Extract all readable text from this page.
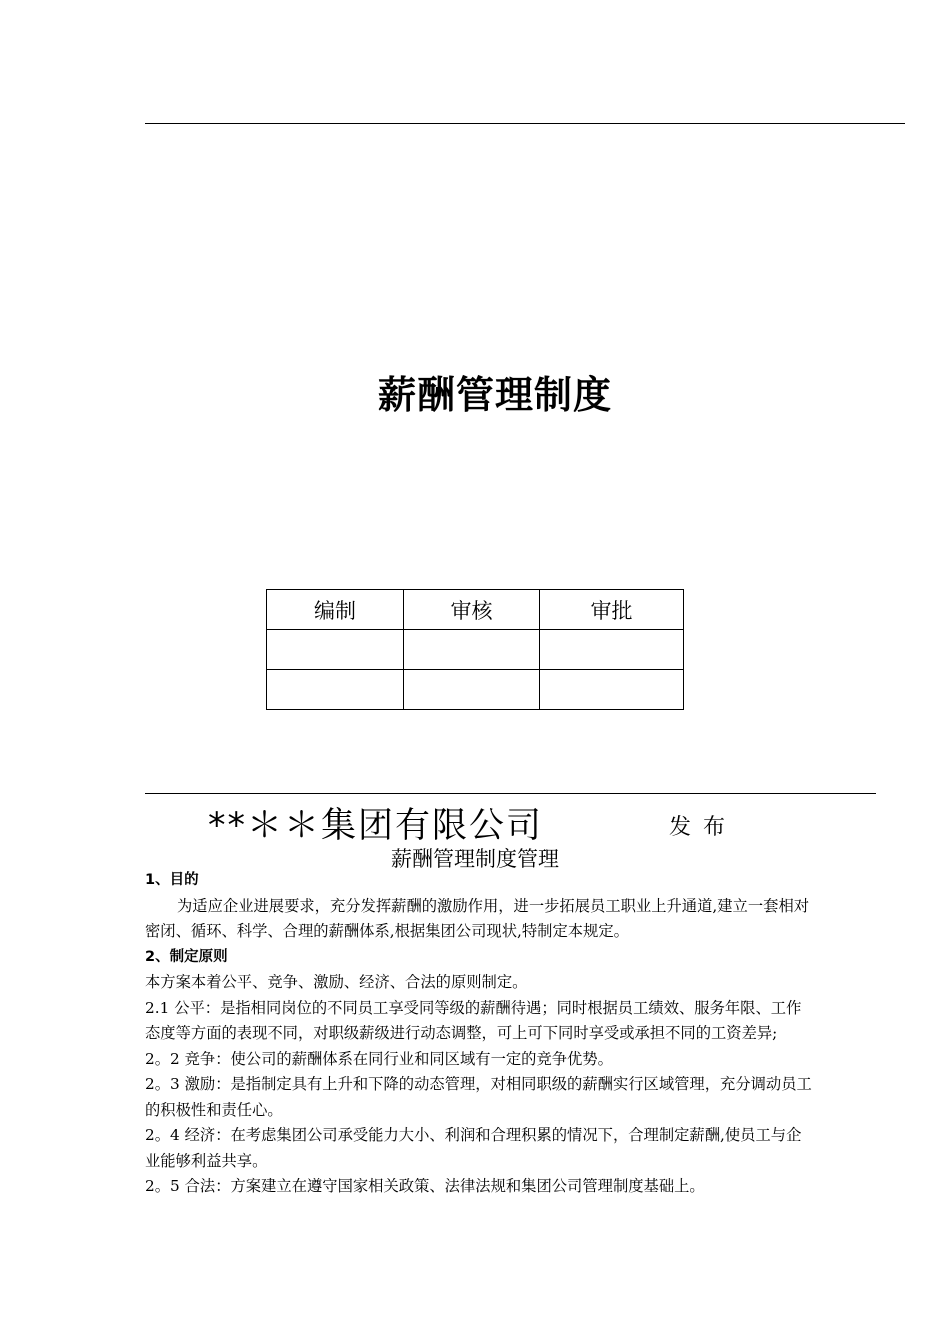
薪酬管理制度
编制	审核	审批

**＊＊集团有限公司	发布
薪酬管理制度管理

1、目的

为适应企业进展要求，充分发挥薪酬的激励作用，进一步拓展员工职业上升通道,建立一套相对密闭、循环、科学、合理的薪酬体系,根据集团公司现状,特制定本规定。

2、制定原则

本方案本着公平、竞争、激励、经济、合法的原则制定。

2.1 公平：是指相同岗位的不同员工享受同等级的薪酬待遇；同时根据员工绩效、服务年限、工作态度等方面的表现不同，对职级薪级进行动态调整，可上可下同时享受或承担不同的工资差异;

2。2 竞争：使公司的薪酬体系在同行业和同区域有一定的竞争优势。

2。3 激励：是指制定具有上升和下降的动态管理，对相同职级的薪酬实行区域管理，充分调动员工的积极性和责任心。

2。4 经济：在考虑集团公司承受能力大小、利润和合理积累的情况下，合理制定薪酬,使员工与企业能够利益共享。

2。5 合法：方案建立在遵守国家相关政策、法律法规和集团公司管理制度基础上。
